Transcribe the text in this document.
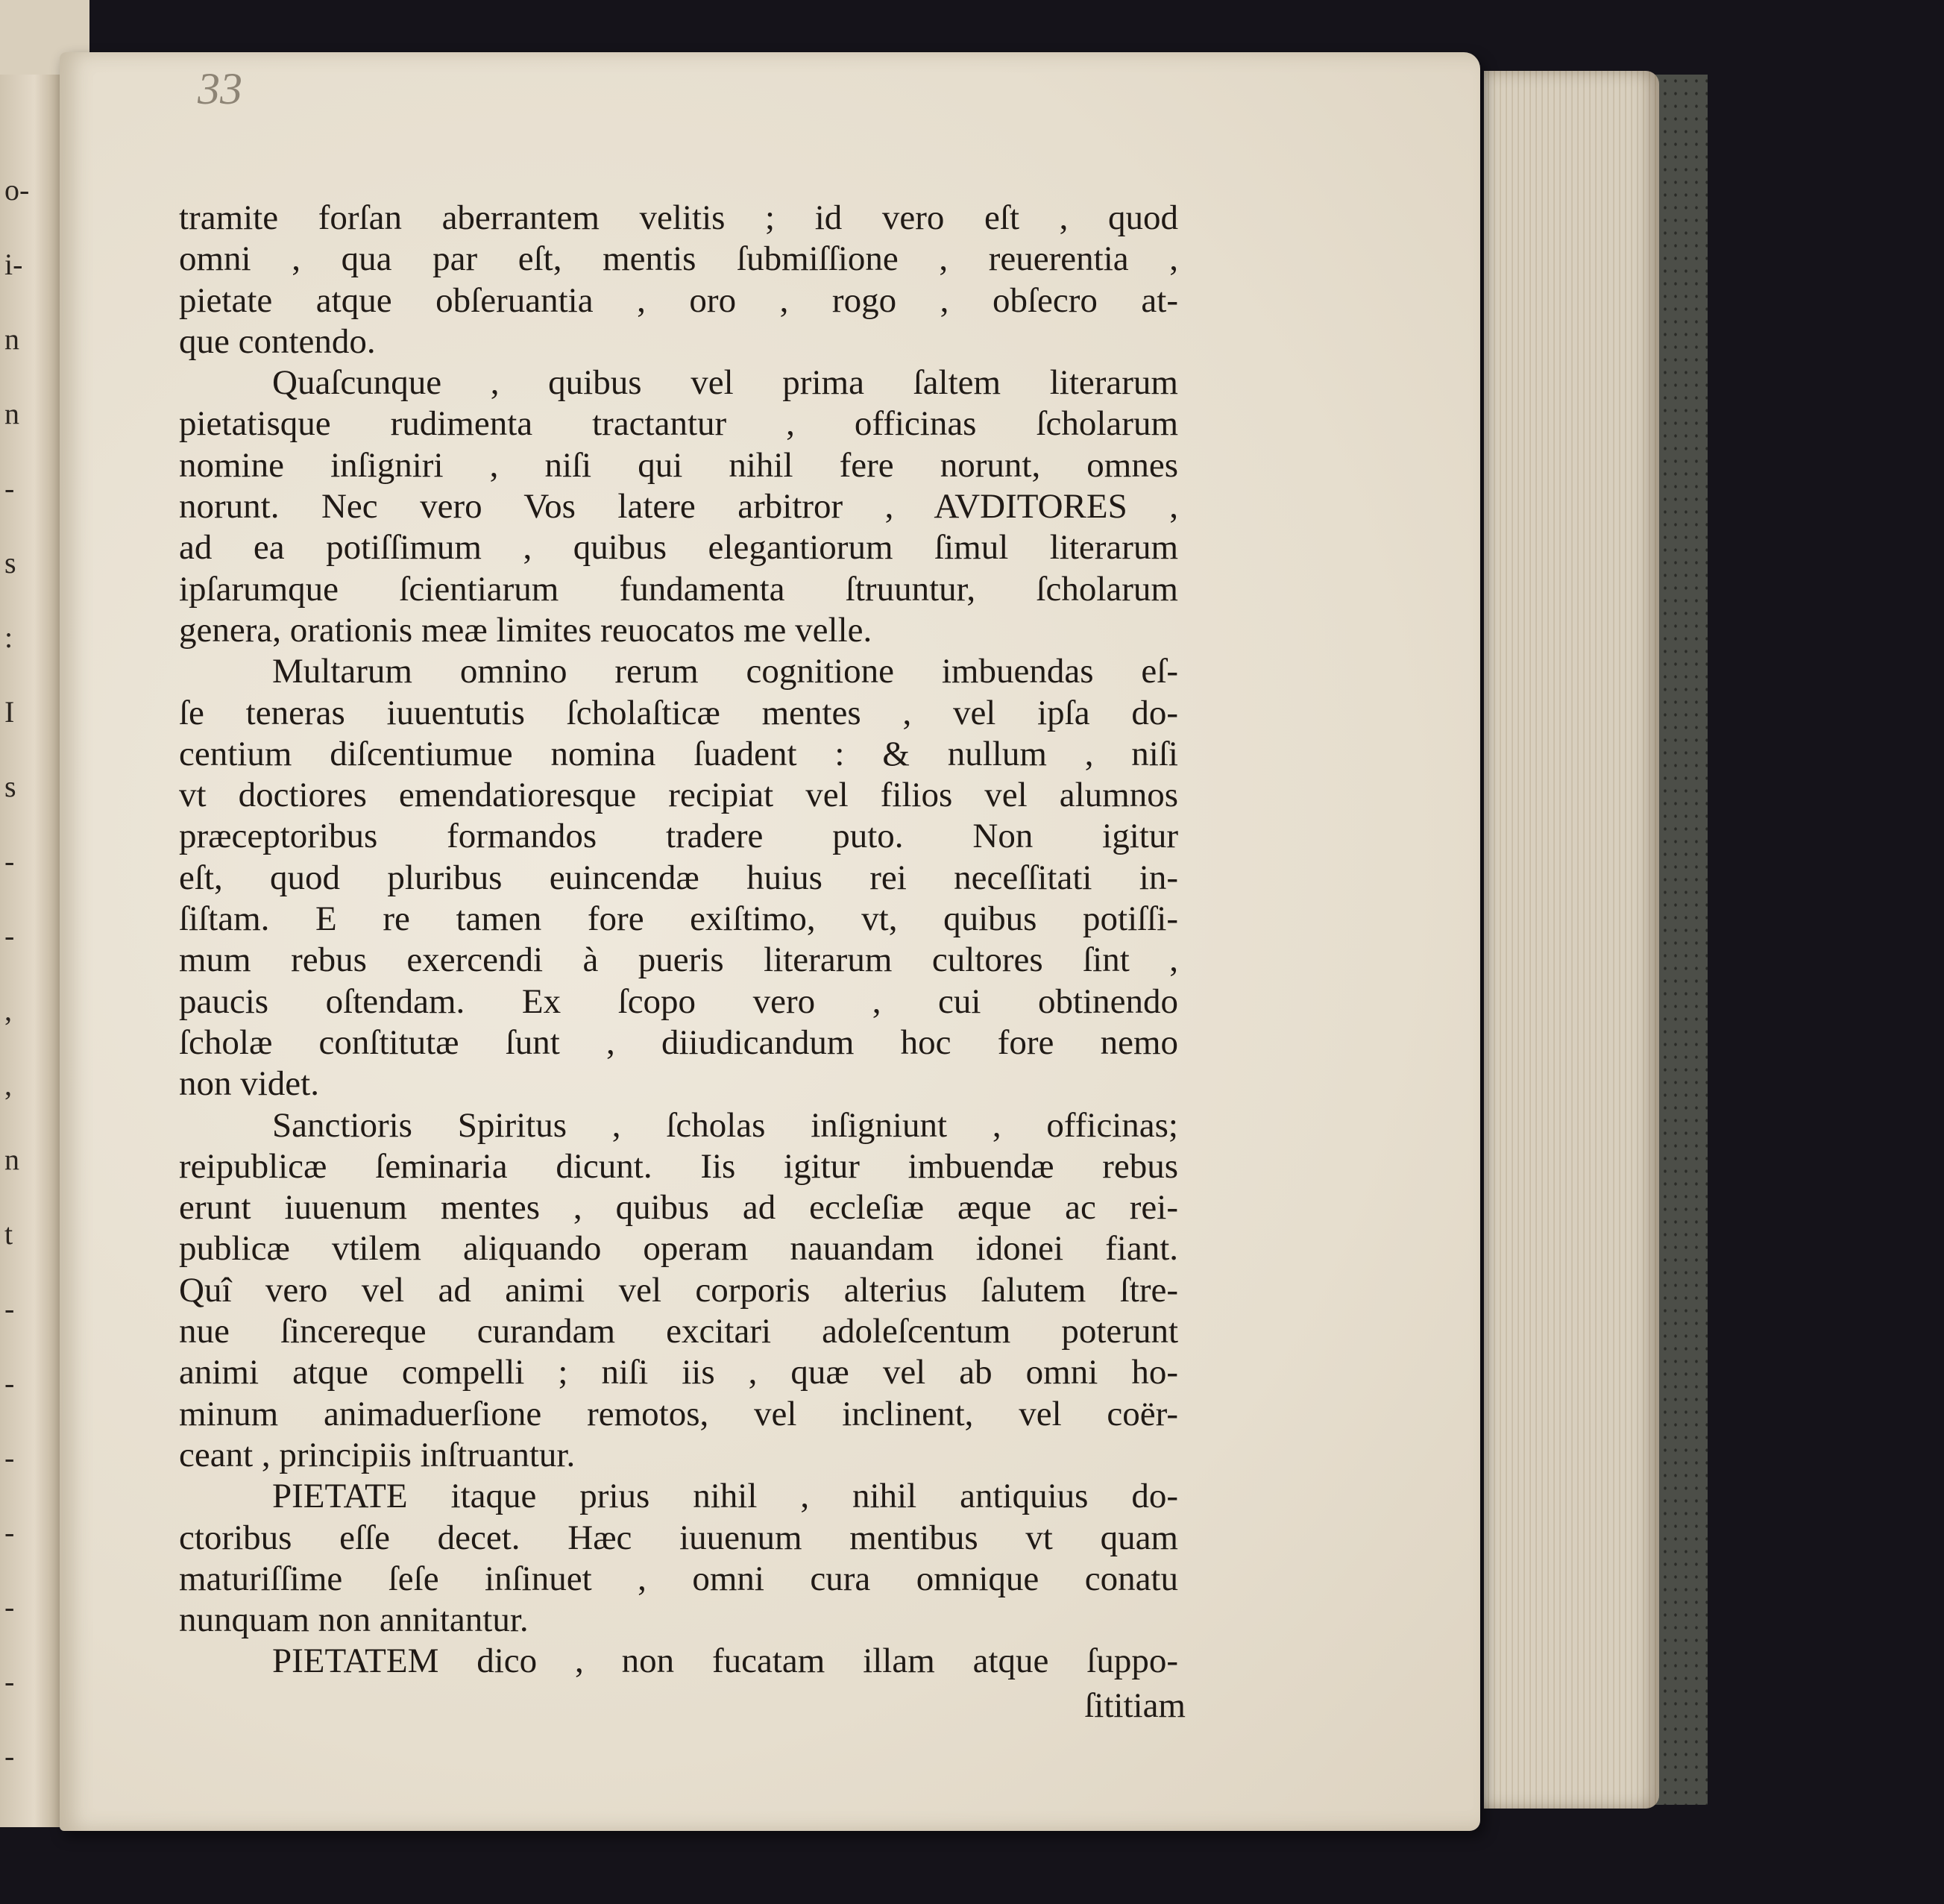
o-
i-
n
n
-
s
:
I
s
-
-
,
,
n
t
-
-
-
-
-
-
-
33
tramite forſan aberrantem velitis ; id vero eſt , quod
omni , qua par eſt, mentis ſubmiſſione , reuerentia ,
pietate atque obſeruantia , oro , rogo , obſecro at-
que contendo.
Quaſcunque , quibus vel prima ſaltem literarum
pietatisque rudimenta tractantur , officinas ſcholarum
nomine inſigniri , niſi qui nihil fere norunt, omnes
norunt. Nec vero Vos latere arbitror , AVDITORES ,
ad ea potiſſimum , quibus elegantiorum ſimul literarum
ipſarumque ſcientiarum fundamenta ſtruuntur, ſcholarum
genera, orationis meæ limites reuocatos me velle.
Multarum omnino rerum cognitione imbuendas eſ-
ſe teneras iuuentutis ſcholaſticæ mentes , vel ipſa do-
centium diſcentiumue nomina ſuadent : & nullum , niſi
vt doctiores emendatioresque recipiat vel filios vel alumnos
præceptoribus formandos tradere puto. Non igitur
eſt, quod pluribus euincendæ huius rei neceſſitati in-
ſiſtam. E re tamen fore exiſtimo, vt, quibus potiſſi-
mum rebus exercendi à pueris literarum cultores ſint ,
paucis oſtendam. Ex ſcopo vero , cui obtinendo
ſcholæ conſtitutæ ſunt , diiudicandum hoc fore nemo
non videt.
Sanctioris Spiritus , ſcholas inſigniunt , officinas;
reipublicæ ſeminaria dicunt. Iis igitur imbuendæ rebus
erunt iuuenum mentes , quibus ad eccleſiæ æque ac rei-
publicæ vtilem aliquando operam nauandam idonei fiant.
Quî vero vel ad animi vel corporis alterius ſalutem ſtre-
nue ſincereque curandam excitari adoleſcentum poterunt
animi atque compelli ; niſi iis , quæ vel ab omni ho-
minum animaduerſione remotos, vel inclinent, vel coër-
ceant , principiis inſtruantur.
PIETATE itaque prius nihil , nihil antiquius do-
ctoribus eſſe decet. Hæc iuuenum mentibus vt quam
maturiſſime ſeſe inſinuet , omni cura omnique conatu
nunquam non annitantur.
PIETATEM dico , non fucatam illam atque ſuppo-
ſititiam
